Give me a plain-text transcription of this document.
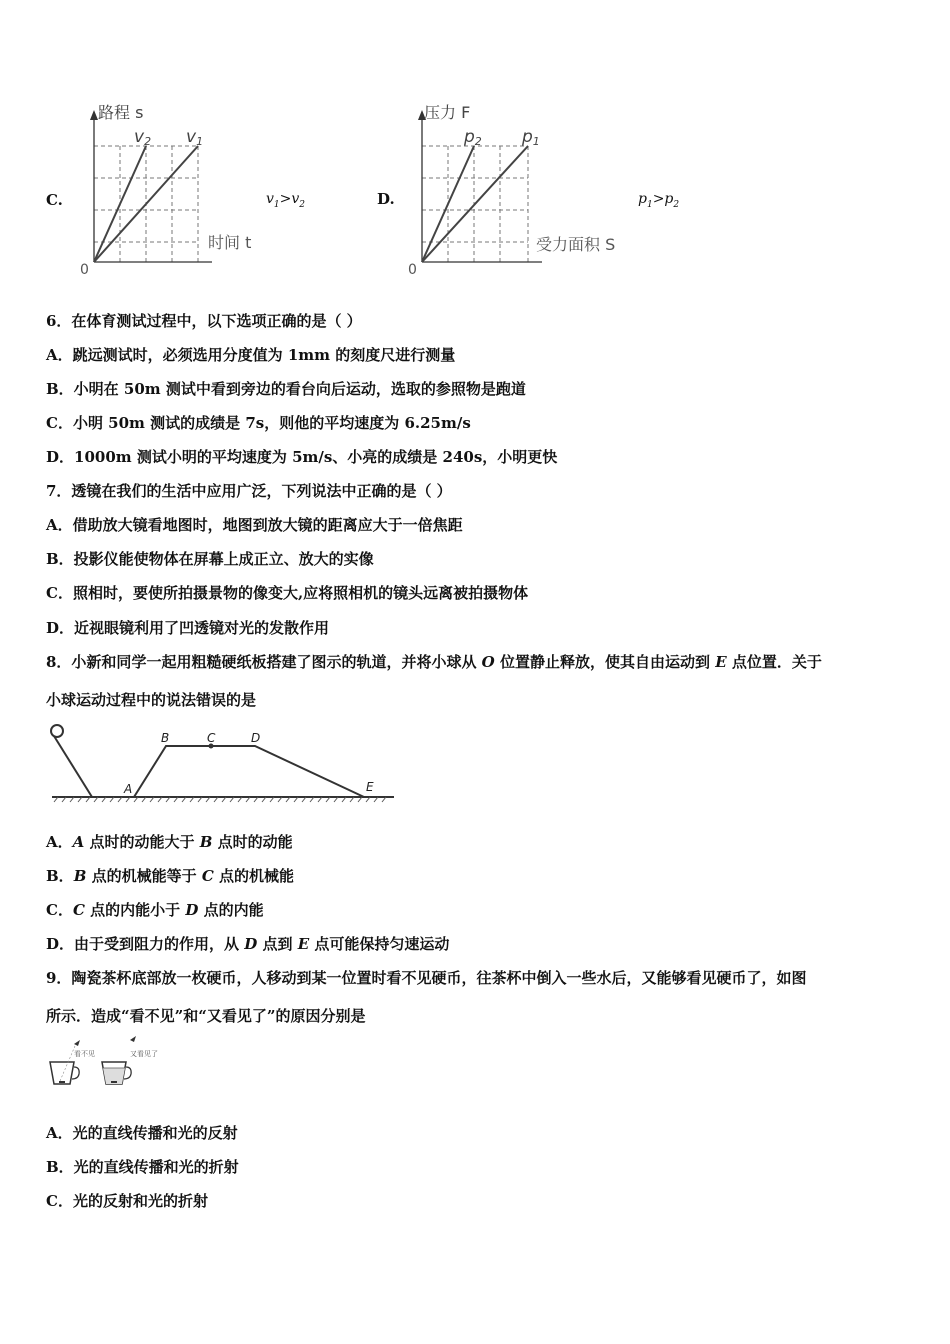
C.
路程 s
v2 v1
时间 t
0
$v_1>v_2$	D.
压力 F
p2 p1
受力面积 S
0
$p_1>p_2$
6．在体育测试过程中，以下选项正确的是（ ）
A．跳远测试时，必须选用分度值为 1mm 的刻度尺进行测量
B．小明在 50m 测试中看到旁边的看台向后运动，选取的参照物是跑道
C．小明 50m 测试的成绩是 7s，则他的平均速度为 6.25m/s
D．1000m 测试小明的平均速度为 5m/s、小亮的成绩是 240s，小明更快
7．透镜在我们的生活中应用广泛，下列说法中正确的是（ ）
A．借助放大镜看地图时，地图到放大镜的距离应大于一倍焦距
B．投影仪能使物体在屏幕上成正立、放大的实像
C．照相时，要使所拍摄景物的像变大,应将照相机的镜头远离被拍摄物体
D．近视眼镜利用了凹透镜对光的发散作用
8．小新和同学一起用粗糙硬纸板搭建了图示的轨道，并将小球从 O 位置静止释放，使其自由运动到 E 点位置．关于
小球运动过程中的说法错误的是
A
B	C	D
E
A．A 点时的动能大于 B 点时的动能
B．B 点的机械能等于 C 点的机械能
C．C 点的内能小于 D 点的内能
D．由于受到阻力的作用，从 D 点到 E 点可能保持匀速运动
9．陶瓷茶杯底部放一枚硬币，人移动到某一位置时看不见硬币，往茶杯中倒入一些水后，又能够看见硬币了，如图
所示．造成“看不见”和“又看见了”的原因分别是
看不见	又看见了
A．光的直线传播和光的反射
B．光的直线传播和光的折射
C．光的反射和光的折射
